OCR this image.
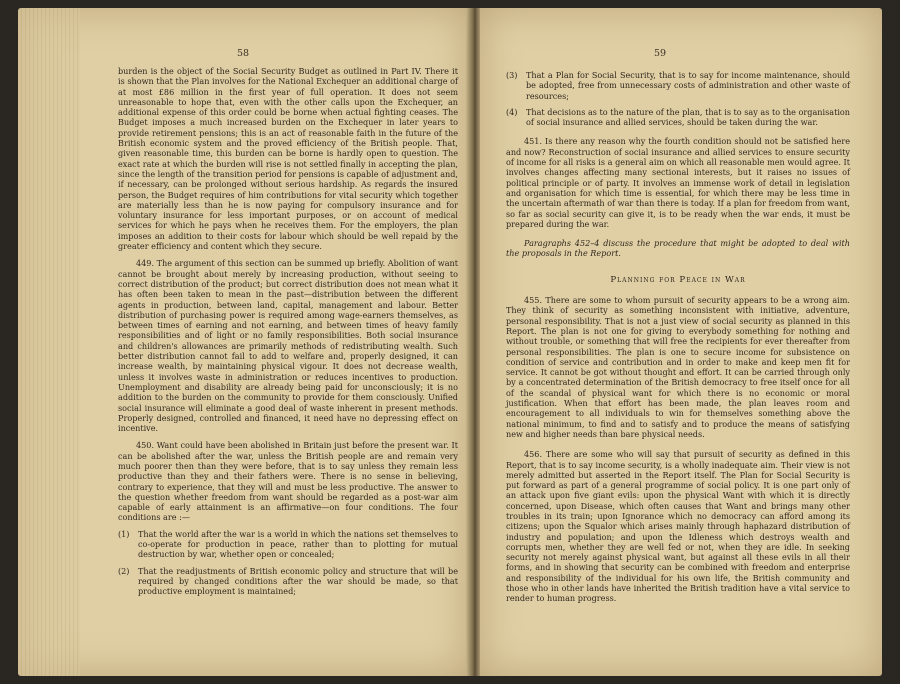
58

burden is the object of the Social Security Budget as outlined in Part IV. There it is shown that the Plan involves for the National Exchequer an additional charge of at most £86 million in the first year of full operation. It does not seem unreasonable to hope that, even with the other calls upon the Exchequer, an additional expense of this order could be borne when actual fighting ceases. The Budget imposes a much increased burden on the Exchequer in later years to provide retirement pensions; this is an act of reasonable faith in the future of the British economic system and the proved efficiency of the British people. That, given reasonable time, this burden can be borne is hardly open to question. The exact rate at which the burden will rise is not settled finally in accepting the plan, since the length of the transition period for pensions is capable of adjustment and, if necessary, can be prolonged without serious hardship. As regards the insured person, the Budget requires of him contributions for vital security which together are materially less than he is now paying for compulsory insurance and for voluntary insurance for less important purposes, or on account of medical services for which he pays when he receives them. For the employers, the plan imposes an addition to their costs for labour which should be well repaid by the greater efficiency and content which they secure.

449. The argument of this section can be summed up briefly. Abolition of want cannot be brought about merely by increasing production, without seeing to correct distribution of the product; but correct distribution does not mean what it has often been taken to mean in the past—distribution between the different agents in production, between land, capital, management and labour. Better distribution of purchasing power is required among wage-earners themselves, as between times of earning and not earning, and between times of heavy family responsibilities and of light or no family responsibilities. Both social insurance and children's allowances are primarily methods of redistributing wealth. Such better distribution cannot fail to add to welfare and, properly designed, it can increase wealth, by maintaining physical vigour. It does not decrease wealth, unless it involves waste in administration or reduces incentives to production. Unemployment and disability are already being paid for unconsciously; it is no addition to the burden on the community to provide for them consciously. Unified social insurance will eliminate a good deal of waste inherent in present methods. Properly designed, controlled and financed, it need have no depressing effect on incentive.

450. Want could have been abolished in Britain just before the present war. It can be abolished after the war, unless the British people are and remain very much poorer then than they were before, that is to say unless they remain less productive than they and their fathers were. There is no sense in believing, contrary to experience, that they will and must be less productive. The answer to the question whether freedom from want should be regarded as a post-war aim capable of early attainment is an affirmative—on four conditions. The four conditions are :—

(1)	That the world after the war is a world in which the nations set themselves to co-operate for production in peace, rather than to plotting for mutual destruction by war, whether open or concealed;
(2)	That the readjustments of British economic policy and structure that will be required by changed conditions after the war should be made, so that productive employment is maintained;
59
(3)	That a Plan for Social Security, that is to say for income maintenance, should be adopted, free from unnecessary costs of administration and other waste of resources;
(4)	That decisions as to the nature of the plan, that is to say as to the organisation of social insurance and allied services, should be taken during the war.

451. Is there any reason why the fourth condition should not be satisfied here and now? Reconstruction of social insurance and allied services to ensure security of income for all risks is a general aim on which all reasonable men would agree. It involves changes affecting many sectional interests, but it raises no issues of political principle or of party. It involves an immense work of detail in legislation and organisation for which time is essential, for which there may be less time in the uncertain aftermath of war than there is today. If a plan for freedom from want, so far as social security can give it, is to be ready when the war ends, it must be prepared during the war.

Paragraphs 452–4 discuss the procedure that might be adopted to deal with the proposals in the Report.

Planning for Peace in War

455. There are some to whom pursuit of security appears to be a wrong aim. They think of security as something inconsistent with initiative, adventure, personal responsibility. That is not a just view of social security as planned in this Report. The plan is not one for giving to everybody something for nothing and without trouble, or something that will free the recipients for ever thereafter from personal responsibilities. The plan is one to secure income for subsistence on condition of service and contribution and in order to make and keep men fit for service. It cannot be got without thought and effort. It can be carried through only by a concentrated determination of the British democracy to free itself once for all of the scandal of physical want for which there is no economic or moral justification. When that effort has been made, the plan leaves room and encouragement to all individuals to win for themselves something above the national minimum, to find and to satisfy and to produce the means of satisfying new and higher needs than bare physical needs.

456. There are some who will say that pursuit of security as defined in this Report, that is to say income security, is a wholly inadequate aim. Their view is not merely admitted but asserted in the Report itself. The Plan for Social Security is put forward as part of a general programme of social policy. It is one part only of an attack upon five giant evils: upon the physical Want with which it is directly concerned, upon Disease, which often causes that Want and brings many other troubles in its train; upon Ignorance which no democracy can afford among its citizens; upon the Squalor which arises mainly through haphazard distribution of industry and population; and upon the Idleness which destroys wealth and corrupts men, whether they are well fed or not, when they are idle. In seeking security not merely against physical want, but against all these evils in all their forms, and in showing that security can be combined with freedom and enterprise and responsibility of the individual for his own life, the British community and those who in other lands have inherited the British tradition have a vital service to render to human progress.
